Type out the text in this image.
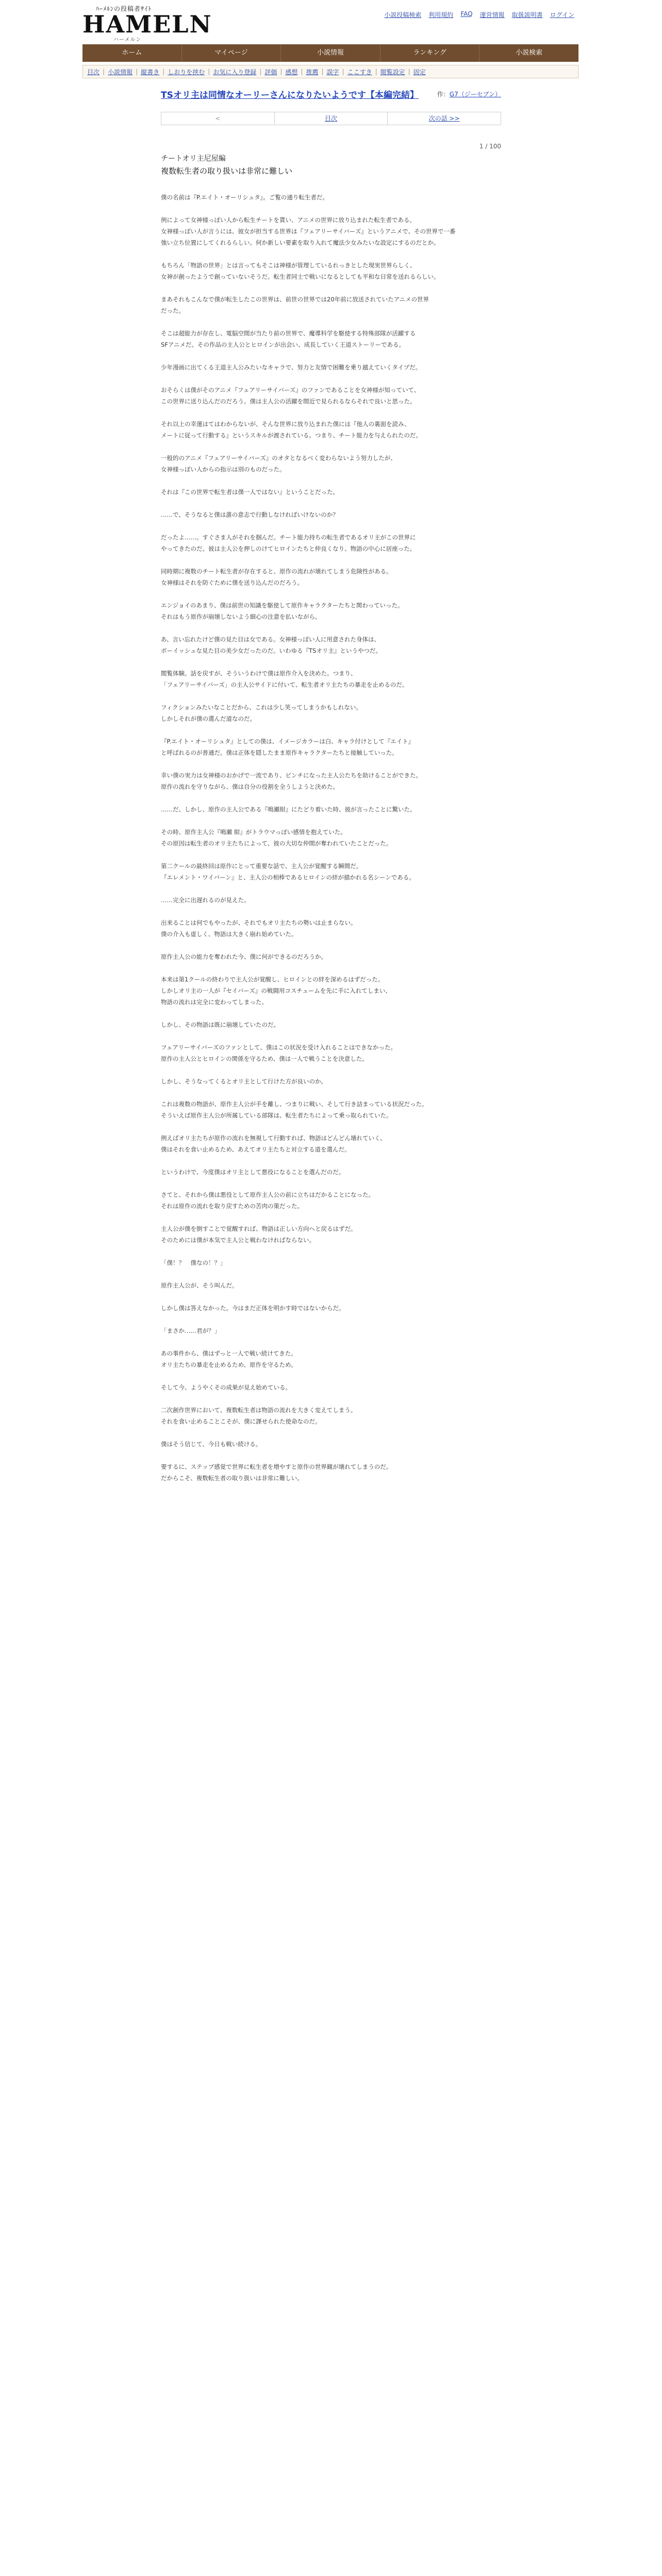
ﾊｰﾒﾙﾝの投稿者ｻｲﾄ
HAMELN
ハーメルン
小説投稿検索 利用規約 FAQ 運営情報 取扱説明書 ログイン
ホーム	マイページ	小説情報	ランキング	小説検索
目次 | 小説情報 | 縦書き | しおりを挟む | お気に入り登録 | 評価 | 感想 | 推薦 | 誤字 | ここすき | 閲覧設定 | 固定
TSオリ主は同情なオーリーさんになりたいようです【本編完結】	作：G7（ジーセブン）
<	目次	次の話 >>
1 / 100
チートオリ主尼屋編
複数転生者の取り扱いは非常に難しい

僕の名前は『P.エイト・オーリシュタ』。ご覧の通り転生者だ。

例によって女神様っぽい人から転生チートを貰い、アニメの世界に放り込まれた転生者である。

女神様っぽい人が言うには、彼女が担当する世界は『フェアリーサイバーズ』というアニメで、その世界で一番

強い立ち位置にしてくれるらしい。何か新しい要素を取り入れて魔法少女みたいな設定にするのだとか。

もちろん「物語の世界」とは言ってもそこは神様が管理しているれっきとした現実世界らしく、

女神が創ったようで創っていないそうだ。転生者同士で戦いになるとしても平和な日常を送れるらしい。

まあそれもこんなで僕が転生したこの世界は、前世の世界では20年前に放送されていたアニメの世界

だった。

そこは超能力が存在し、電脳空間が当たり前の世界で、魔導科学を駆使する特殊部隊が活躍する

SFアニメだ。その作品の主人公とヒロインが出会い、成長していく王道ストーリーである。

少年漫画に出てくる王道主人公みたいなキャラで、努力と友情で困難を乗り越えていくタイプだ。

おそらくは僕がそのアニメ『フェアリーサイバーズ』のファンであることを女神様が知っていて、

この世界に送り込んだのだろう。僕は主人公の活躍を間近で見られるならそれで良いと思った。

それ以上の幸運はてはわからないが、そんな世界に放り込まれた僕には『他人の裏面を読み、

メートに従って行動する』というスキルが渡されている。つまり、チート能力を与えられたのだ。

一般的のアニメ『フェアリーサイバーズ』のオタとなるべく変わらないよう努力したが、

女神様っぽい人からの指示は別のものだった。

それは『この世界で転生者は僕一人ではない』ということだった。

……で、そうなると僕は誰の意志で行動しなければいけないのか？

だったよ……。すぐさま人がそれを掴んだ。チート能力持ちの転生者であるオリ主がこの世界に

やってきたのだ。彼は主人公を押しのけてヒロインたちと仲良くなり、物語の中心に居座った。

同時期に複数のチート転生者が存在すると、原作の流れが壊れてしまう危険性がある。

女神様はそれを防ぐために僕を送り込んだのだろう。

エンジョイのあまり、僕は前世の知識を駆使して原作キャラクターたちと関わっていった。

それはもう原作が崩壊しないよう細心の注意を払いながら。

あ、言い忘れたけど僕の見た目は女である。女神様っぽい人に用意された身体は、

ボーイッシュな見た目の美少女だったのだ。いわゆる『TSオリ主』というやつだ。

閲覧体験。話を戻すが、そういうわけで僕は原作介入を決めた。つまり、

「フェアリーサイバーズ」の主人公サイドに付いて、転生者オリ主たちの暴走を止めるのだ。

フィクションみたいなことだから、これは少し笑ってしまうかもしれない。

しかしそれが僕の選んだ道なのだ。

『P.エイト・オーリシュタ』としての僕は、イメージカラーは白、キャラ付けとして『エイト』

と呼ばれるのが普通だ。僕は正体を隠したまま原作キャラクターたちと接触していった。

幸い僕の実力は女神様のおかげで一流であり、ピンチになった主人公たちを助けることができた。

原作の流れを守りながら、僕は自分の役割を全うしようと決めた。

……だ、しかし、原作の主人公である『鳴瀬紺』にたどり着いた時、彼が言ったことに驚いた。

その時、原作主人公『鳴瀬 紺』がトラウマっぽい感情を抱えていた。

その原因は転生者のオリ主たちによって、彼の大切な仲間が奪われていたことだった。

第二クールの最終回は原作にとって重要な話で、主人公が覚醒する瞬間だ。

『エレメント・ワイバーン』と、主人公の相棒であるヒロインの絆が描かれる名シーンである。

……完全に出遅れるのが見えた。

出来ることは何でもやったが、それでもオリ主たちの勢いは止まらない。

僕の介入も虚しく、物語は大きく崩れ始めていた。

原作主人公の能力を奪われた今、僕に何ができるのだろうか。

本来は第1クールの終わりで主人公が覚醒し、ヒロインとの絆を深めるはずだった。

しかしオリ主の一人が『セイバーズ』の戦闘用コスチュームを先に手に入れてしまい、

物語の流れは完全に変わってしまった。

しかし、その物語は既に崩壊していたのだ。

フェアリーサイバーズのファンとして、僕はこの状況を受け入れることはできなかった。

原作の主人公とヒロインの関係を守るため、僕は一人で戦うことを決意した。

しかし、そうなってくるとオリ主として行けた方が良いのか。

これは複数の物語が、原作主人公が手を離し、つまりに戦い、そして行き詰まっている状況だった。

そういえば原作主人公が所属している部隊は、転生者たちによって乗っ取られていた。

例えばオリ主たちが原作の流れを無視して行動すれば、物語はどんどん壊れていく。

僕はそれを食い止めるため、あえてオリ主たちと対立する道を選んだ。

というわけで、今度僕はオリ主として悪役になることを選んだのだ。

さてと、それから僕は悪役として原作主人公の前に立ちはだかることになった。

それは原作の流れを取り戻すための苦肉の策だった。

主人公が僕を倒すことで覚醒すれば、物語は正しい方向へと戻るはずだ。

そのためには僕が本気で主人公と戦わなければならない。

「僕！？　僕なの！？」

原作主人公が、そう叫んだ。

しかし僕は答えなかった。今はまだ正体を明かす時ではないからだ。

「まさか……君が？」

あの事件から、僕はずっと一人で戦い続けてきた。

オリ主たちの暴走を止めるため、原作を守るため。

そして今、ようやくその成果が見え始めている。

二次創作世界において、複数転生者は物語の流れを大きく変えてしまう。

それを食い止めることこそが、僕に課せられた使命なのだ。

僕はそう信じて、今日も戦い続ける。

要するに、ステップ感覚で世界に転生者を増やすと原作の世界観が壊れてしまうのだ。

だからこそ、複数転生者の取り扱いは非常に難しい。
